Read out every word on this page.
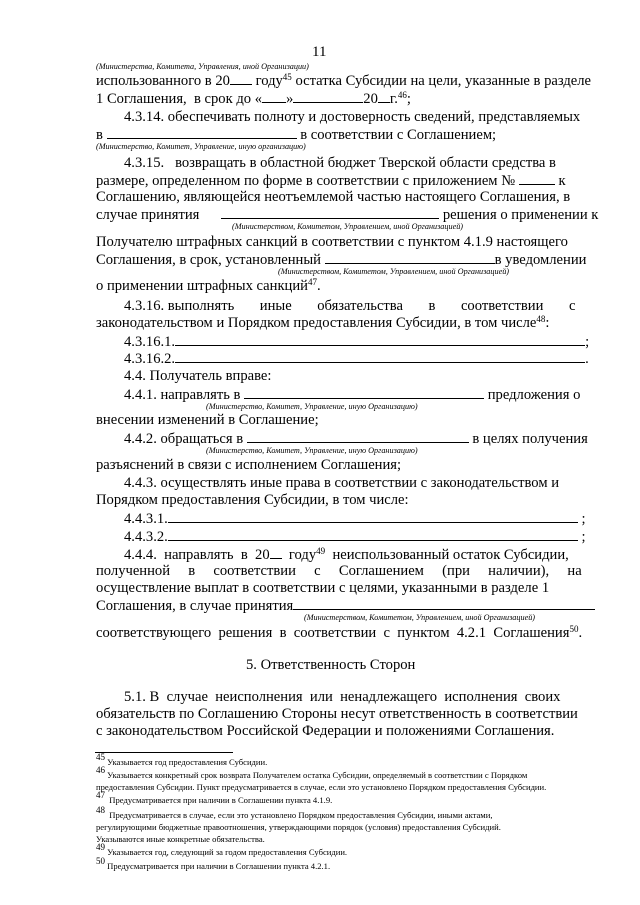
11
(Министерства, Комитета, Управления, иной Организации)
использованного в 20 году$^{45}$ остатка Субсидии на цели, указанные в разделе
1 Соглашения,  в срок до « »	20 г.$^{46}$;
4.3.14. обеспечивать полноту и достоверность сведений, представляемых
в	в соответствии с Соглашением;
(Министерство, Комитет, Управление, иную организацию)
4.3.15.   возвращать в областной бюджет Тверской области средства в
размере, определенном по форме в соответствии с приложением №	к
Соглашению, являющейся неотъемлемой частью настоящего Соглашения, в
случае принятия	решения о применении к
(Министерством, Комитетом, Управлением, иной Организацией)
Получателю штрафных санкций в соответствии с пунктом 4.1.9 настоящего
Соглашения, в срок, установленный	в уведомлении
(Министерством, Комитетом, Управлением, иной Организацией)
о применении штрафных санкций$^{47}$.
4.3.16. выполнять       иные       обязательства       в       соответствии       с
законодательством и Порядком предоставления Субсидии, в том числе$^{48}$:
4.3.16.1.	;
4.3.16.2.	.
4.4. Получатель вправе:
4.4.1. направлять в	предложения о
(Министерство, Комитет, Управление, иную Организацию)
внесении изменений в Соглашение;
4.4.2. обращаться в	в целях получения
(Министерство, Комитет, Управление, иную Организацию)
разъяснений в связи с исполнением Соглашения;
4.4.3. осуществлять иные права в соответствии с законодательством и
Порядком предоставления Субсидии, в том числе:
4.4.3.1.	;
4.4.3.2.	;
4.4.4.  направлять  в  20  году$^{49}$  неиспользованный остаток Субсидии,
полученной     в     соответствии     с     Соглашением     (при     наличии),     на
осуществление выплат в соответствии с целями, указанными в разделе 1
Соглашения, в случае принятия
(Министерством, Комитетом, Управлением, иной Организацией)
соответствующего  решения  в  соответствии  с  пунктом  4.2.1  Соглашения$^{50}$.
5. Ответственность Сторон
5.1. В  случае  неисполнения  или  ненадлежащего  исполнения  своих
обязательств по Соглашению Стороны несут ответственность в соответствии
с законодательством Российской Федерации и положениями Соглашения.
$^{45}$ Указывается год предоставления Субсидии.
$^{46}$ Указывается конкретный срок возврата Получателем остатка Субсидии, определяемый в соответствии с Порядком
предоставления Субсидии. Пункт предусматривается в случае, если это установлено Порядком предоставления Субсидии.
$^{47}$  Предусматривается при наличии в Соглашении пункта 4.1.9.
$^{48}$  Предусматривается в случае, если это установлено Порядком предоставления Субсидии, иными актами,
регулирующими бюджетные правоотношения, утверждающими порядок (условия) предоставления Субсидий.
Указываются иные конкретные обязательства.
$^{49}$ Указывается год, следующий за годом предоставления Субсидии.
$^{50}$ Предусматривается при наличии в Соглашении пункта 4.2.1.
